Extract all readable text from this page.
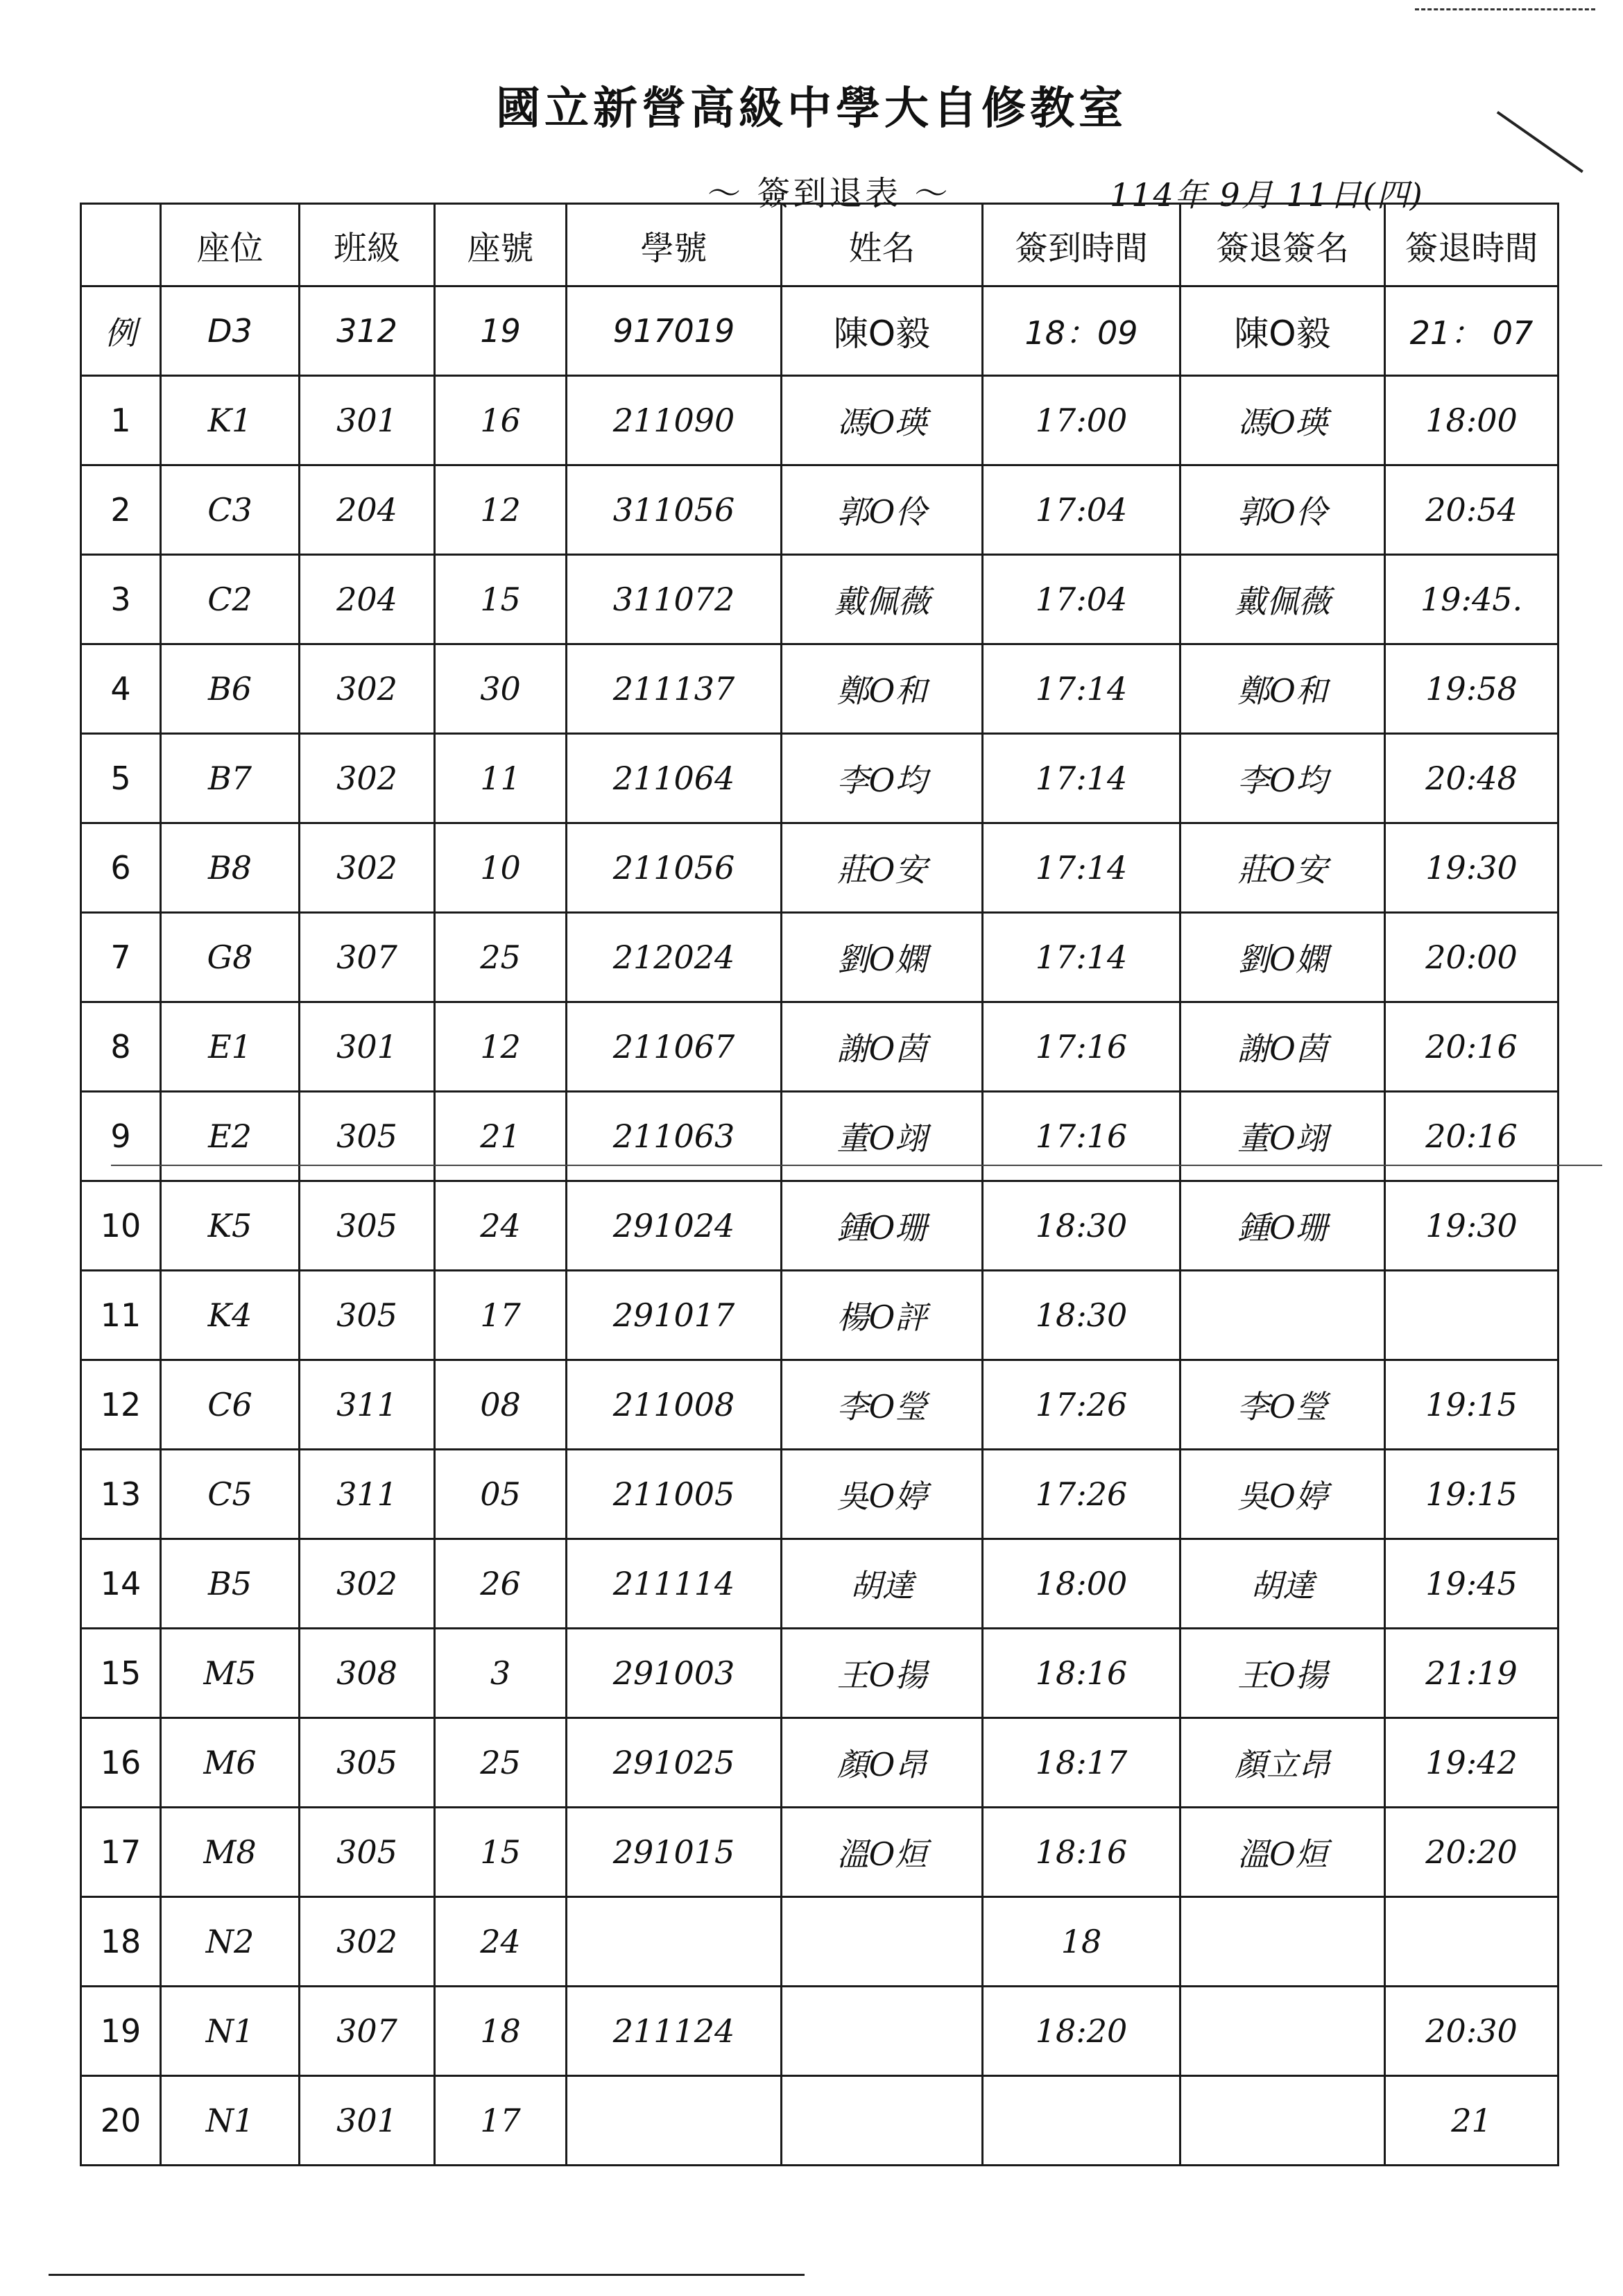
國立新營高級中學大自修教室
〜 簽到退表 〜	114年 9月 11日(四)
	座位	班級	座號	學號	姓名	簽到時間	簽退簽名	簽退時間
例	D3	312	19	917019	陳O毅	18：09	陳O毅	21： 07
1	K1	301	16	211090	馮O瑛	17:00	馮O瑛	18:00
2	C3	204	12	311056	郭O伶	17:04	郭O伶	20:54
3	C2	204	15	311072	戴佩薇	17:04	戴佩薇	19:45.
4	B6	302	30	211137	鄭O和	17:14	鄭O和	19:58
5	B7	302	11	211064	李O均	17:14	李O均	20:48
6	B8	302	10	211056	莊O安	17:14	莊O安	19:30
7	G8	307	25	212024	劉O嫻	17:14	劉O嫻	20:00
8	E1	301	12	211067	謝O茵	17:16	謝O茵	20:16
9	E2	305	21	211063	董O翊	17:16	董O翊	20:16
10	K5	305	24	291024	鍾O珊	18:30	鍾O珊	19:30
11	K4	305	17	291017	楊O評	18:30		
12	C6	311	08	211008	李O瑩	17:26	李O瑩	19:15
13	C5	311	05	211005	吳O婷	17:26	吳O婷	19:15
14	B5	302	26	211114	胡達	18:00	胡達	19:45
15	M5	308	3	291003	王O揚	18:16	王O揚	21:19
16	M6	305	25	291025	顏O昂	18:17	顏立昂	19:42
17	M8	305	15	291015	溫O烜	18:16	溫O烜	20:20
18	N2	302	24			18		
19	N1	307	18	211124		18:20		20:30
20	N1	301	17					21
